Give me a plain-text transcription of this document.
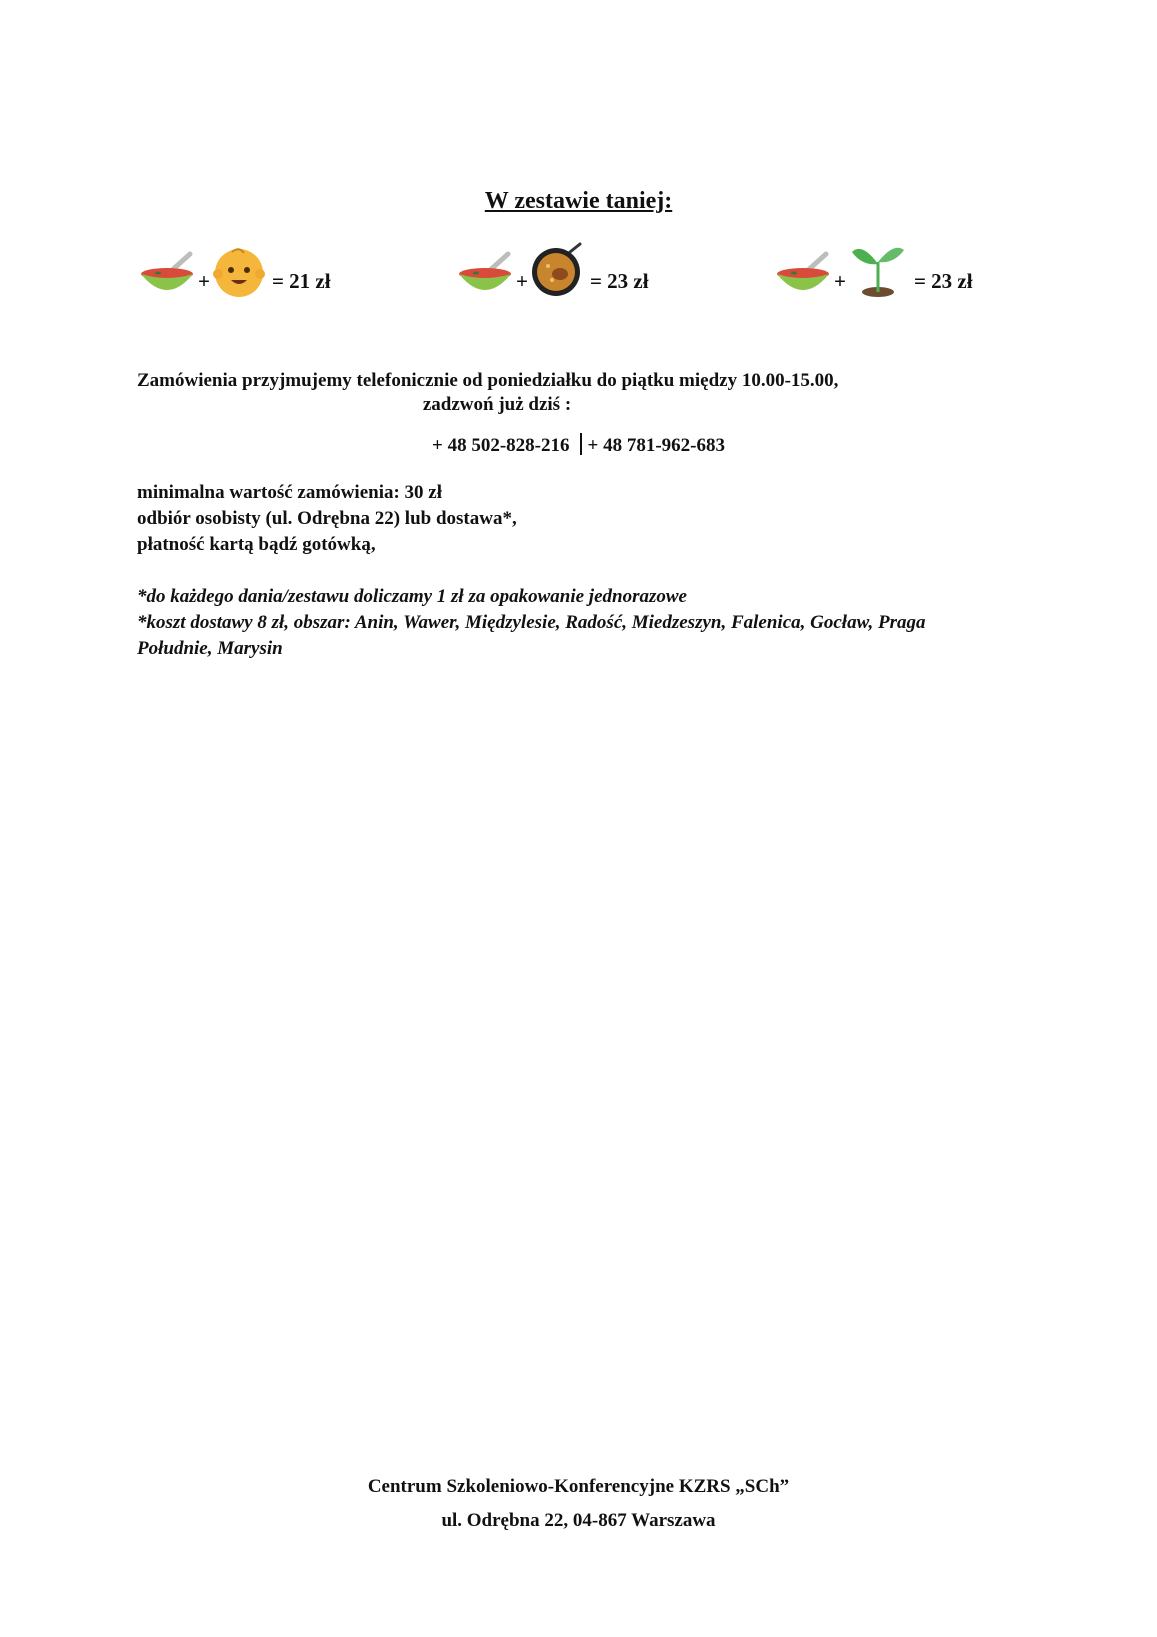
W zestawie taniej:
+	= 21 zł	+	= 23 zł	+	= 23 zł
Zamówienia przyjmujemy telefonicznie od poniedziałku do piątku między 10.00-15.00,
zadzwoń już dziś :
+ 48 502-828-216 + 48 781-962-683
minimalna wartość zamówienia: 30 zł
odbiór osobisty (ul. Odrębna 22) lub dostawa*,
płatność kartą bądź gotówką,
*do każdego dania/zestawu doliczamy 1 zł za opakowanie jednorazowe
*koszt dostawy 8 zł, obszar: Anin, Wawer, Międzylesie, Radość, Miedzeszyn, Falenica, Gocław, Praga Południe, Marysin
Centrum Szkoleniowo-Konferencyjne KZRS „SCh”
ul. Odrębna 22, 04-867 Warszawa
